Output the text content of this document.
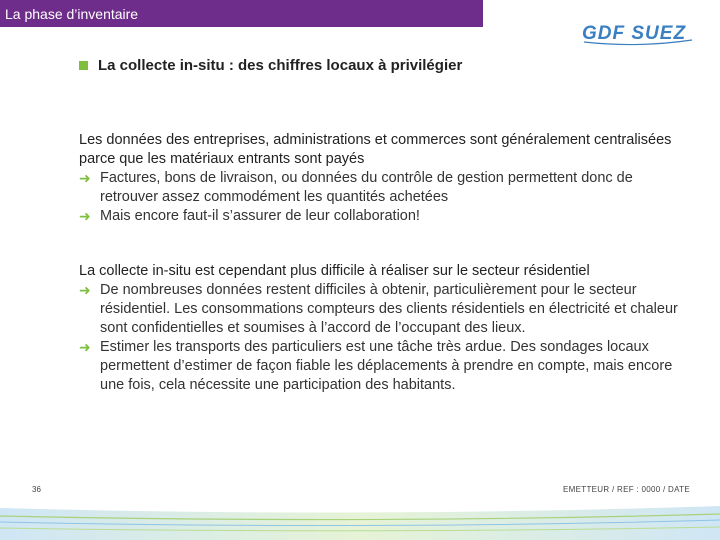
La phase d’inventaire
GDF SUEZ
La collecte in-situ : des chiffres locaux à privilégier
Les données des entreprises, administrations et commerces sont généralement centralisées parce que les matériaux entrants sont payés
➜ Factures, bons de livraison, ou données du contrôle de gestion permettent donc de retrouver assez commodément les quantités achetées
➜ Mais encore faut-il s’assurer de leur collaboration!
La collecte in-situ est cependant plus difficile à réaliser sur le secteur résidentiel
➜ De nombreuses données restent difficiles à obtenir, particulièrement pour le secteur résidentiel. Les consommations compteurs des clients résidentiels en électricité et chaleur sont confidentielles et soumises à l’accord de l’occupant des lieux.
➜ Estimer les transports des particuliers est une tâche très ardue. Des sondages locaux permettent d’estimer de façon fiable les déplacements à prendre en compte, mais encore une fois, cela nécessite une participation des habitants.
36	EMETTEUR / REF : 0000 / DATE
